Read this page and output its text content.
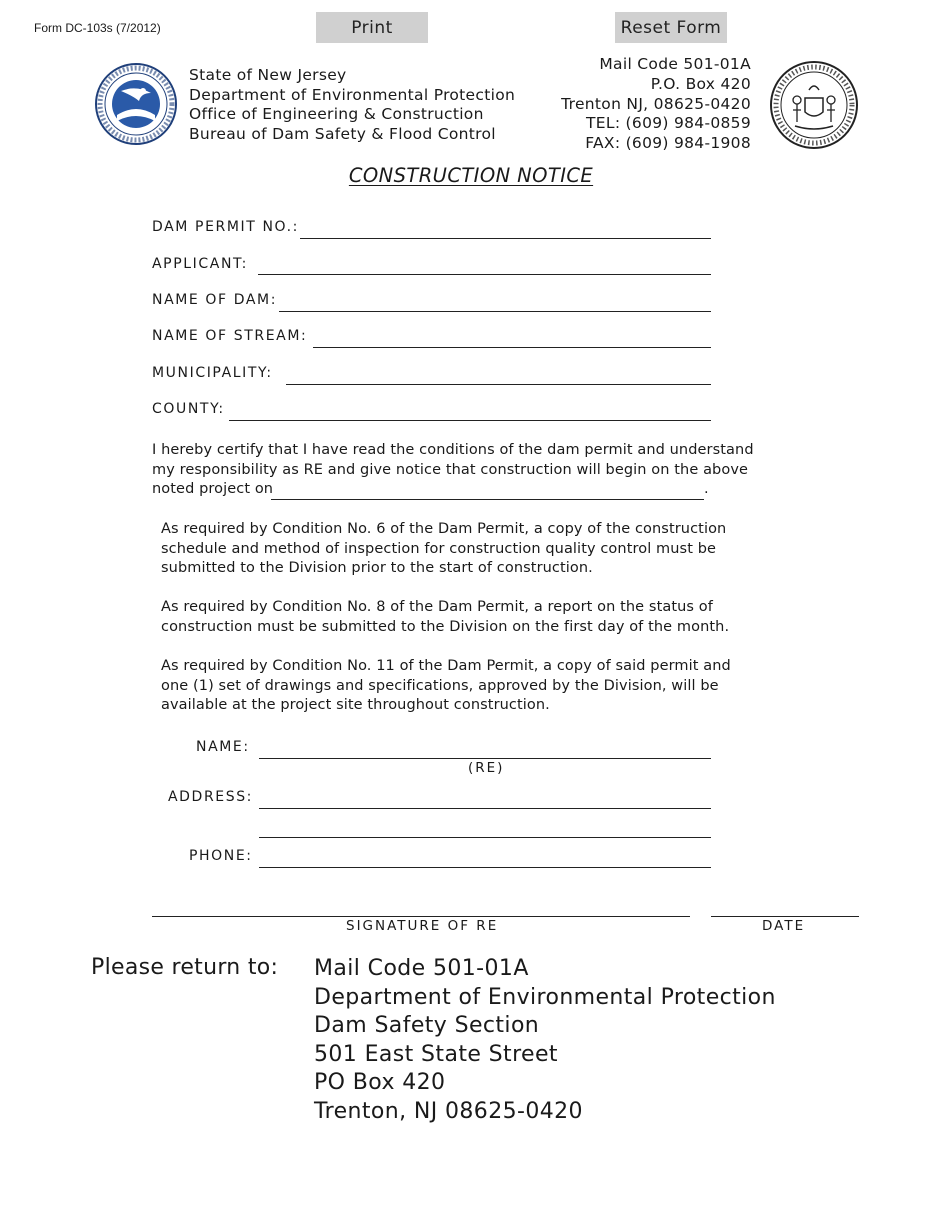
Form DC-103s (7/2012)	Print	Reset Form
State of New Jersey
Department of Environmental Protection
Office of Engineering & Construction
Bureau of Dam Safety & Flood Control
Mail Code 501-01A
P.O. Box 420
Trenton NJ, 08625-0420
TEL: (609) 984-0859
FAX: (609) 984-1908
CONSTRUCTION NOTICE
DAM PERMIT NO.:
APPLICANT:
NAME OF DAM:
NAME OF STREAM:
MUNICIPALITY:
COUNTY:
I hereby certify that I have read the conditions of the dam permit and understand
my responsibility as RE and give notice that construction will begin on the above
noted project on	.
As required by Condition No. 6 of the Dam Permit, a copy of the construction
schedule and method of inspection for construction quality control must be
submitted to the Division prior to the start of construction.
As required by Condition No. 8 of the Dam Permit, a report on the status of
construction must be submitted to the Division on the first day of the month.
As required by Condition No. 11 of the Dam Permit, a copy of said permit and
one (1) set of drawings and specifications, approved by the Division, will be
available at the project site throughout construction.
NAME:
(RE)
ADDRESS:
PHONE:
SIGNATURE OF RE	DATE
Please return to: Mail Code 501-01A
Department of Environmental Protection
Dam Safety Section
501 East State Street
PO Box 420
Trenton, NJ 08625-0420
